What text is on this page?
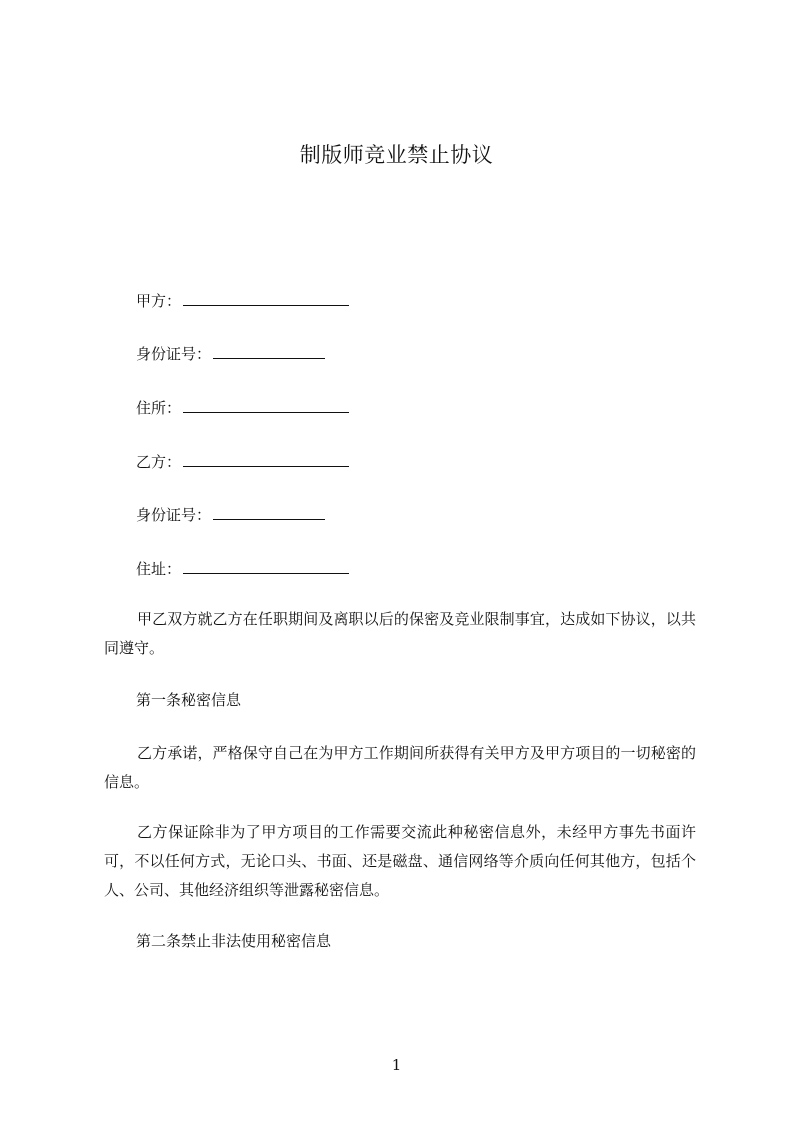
制版师竞业禁止协议
甲方：
身份证号：
住所：
乙方：
身份证号：
住址：

甲乙双方就乙方在任职期间及离职以后的保密及竞业限制事宜，达成如下协议，以共同遵守。

第一条秘密信息

乙方承诺，严格保守自己在为甲方工作期间所获得有关甲方及甲方项目的一切秘密的信息。

乙方保证除非为了甲方项目的工作需要交流此种秘密信息外，未经甲方事先书面许可，不以任何方式，无论口头、书面、还是磁盘、通信网络等介质向任何其他方，包括个人、公司、其他经济组织等泄露秘密信息。

第二条禁止非法使用秘密信息
1
